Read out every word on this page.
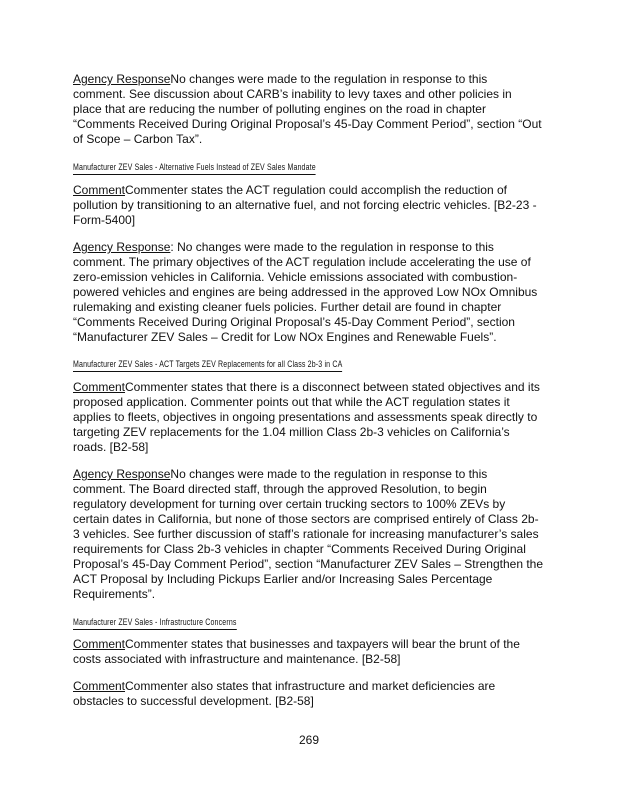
Agency ResponseNo changes were made to the regulation in response to this comment. See discussion about CARB’s inability to levy taxes and other policies in place that are reducing the number of polluting engines on the road in chapter “Comments Received During Original Proposal’s 45-Day Comment Period”, section “Out of Scope – Carbon Tax”.

Manufacturer ZEV Sales - Alternative Fuels Instead of ZEV Sales Mandate

CommentCommenter states the ACT regulation could accomplish the reduction of pollution by transitioning to an alternative fuel, and not forcing electric vehicles. [B2-23 - Form-5400]

Agency Response: No changes were made to the regulation in response to this comment. The primary objectives of the ACT regulation include accelerating the use of zero-emission vehicles in California. Vehicle emissions associated with combustion-powered vehicles and engines are being addressed in the approved Low NOx Omnibus rulemaking and existing cleaner fuels policies. Further detail are found in chapter “Comments Received During Original Proposal’s 45-Day Comment Period”, section “Manufacturer ZEV Sales – Credit for Low NOx Engines and Renewable Fuels”.

Manufacturer ZEV Sales - ACT Targets ZEV Replacements for all Class 2b-3 in CA

CommentCommenter states that there is a disconnect between stated objectives and its proposed application. Commenter points out that while the ACT regulation states it applies to fleets, objectives in ongoing presentations and assessments speak directly to targeting ZEV replacements for the 1.04 million Class 2b-3 vehicles on California’s roads. [B2-58]

Agency ResponseNo changes were made to the regulation in response to this comment. The Board directed staff, through the approved Resolution, to begin regulatory development for turning over certain trucking sectors to 100% ZEVs by certain dates in California, but none of those sectors are comprised entirely of Class 2b-3 vehicles. See further discussion of staff’s rationale for increasing manufacturer’s sales requirements for Class 2b-3 vehicles in chapter “Comments Received During Original Proposal’s 45-Day Comment Period”, section “Manufacturer ZEV Sales – Strengthen the ACT Proposal by Including Pickups Earlier and/or Increasing Sales Percentage Requirements”.

Manufacturer ZEV Sales - Infrastructure Concerns

CommentCommenter states that businesses and taxpayers will bear the brunt of the costs associated with infrastructure and maintenance. [B2-58]

CommentCommenter also states that infrastructure and market deficiencies are obstacles to successful development. [B2-58]

269
